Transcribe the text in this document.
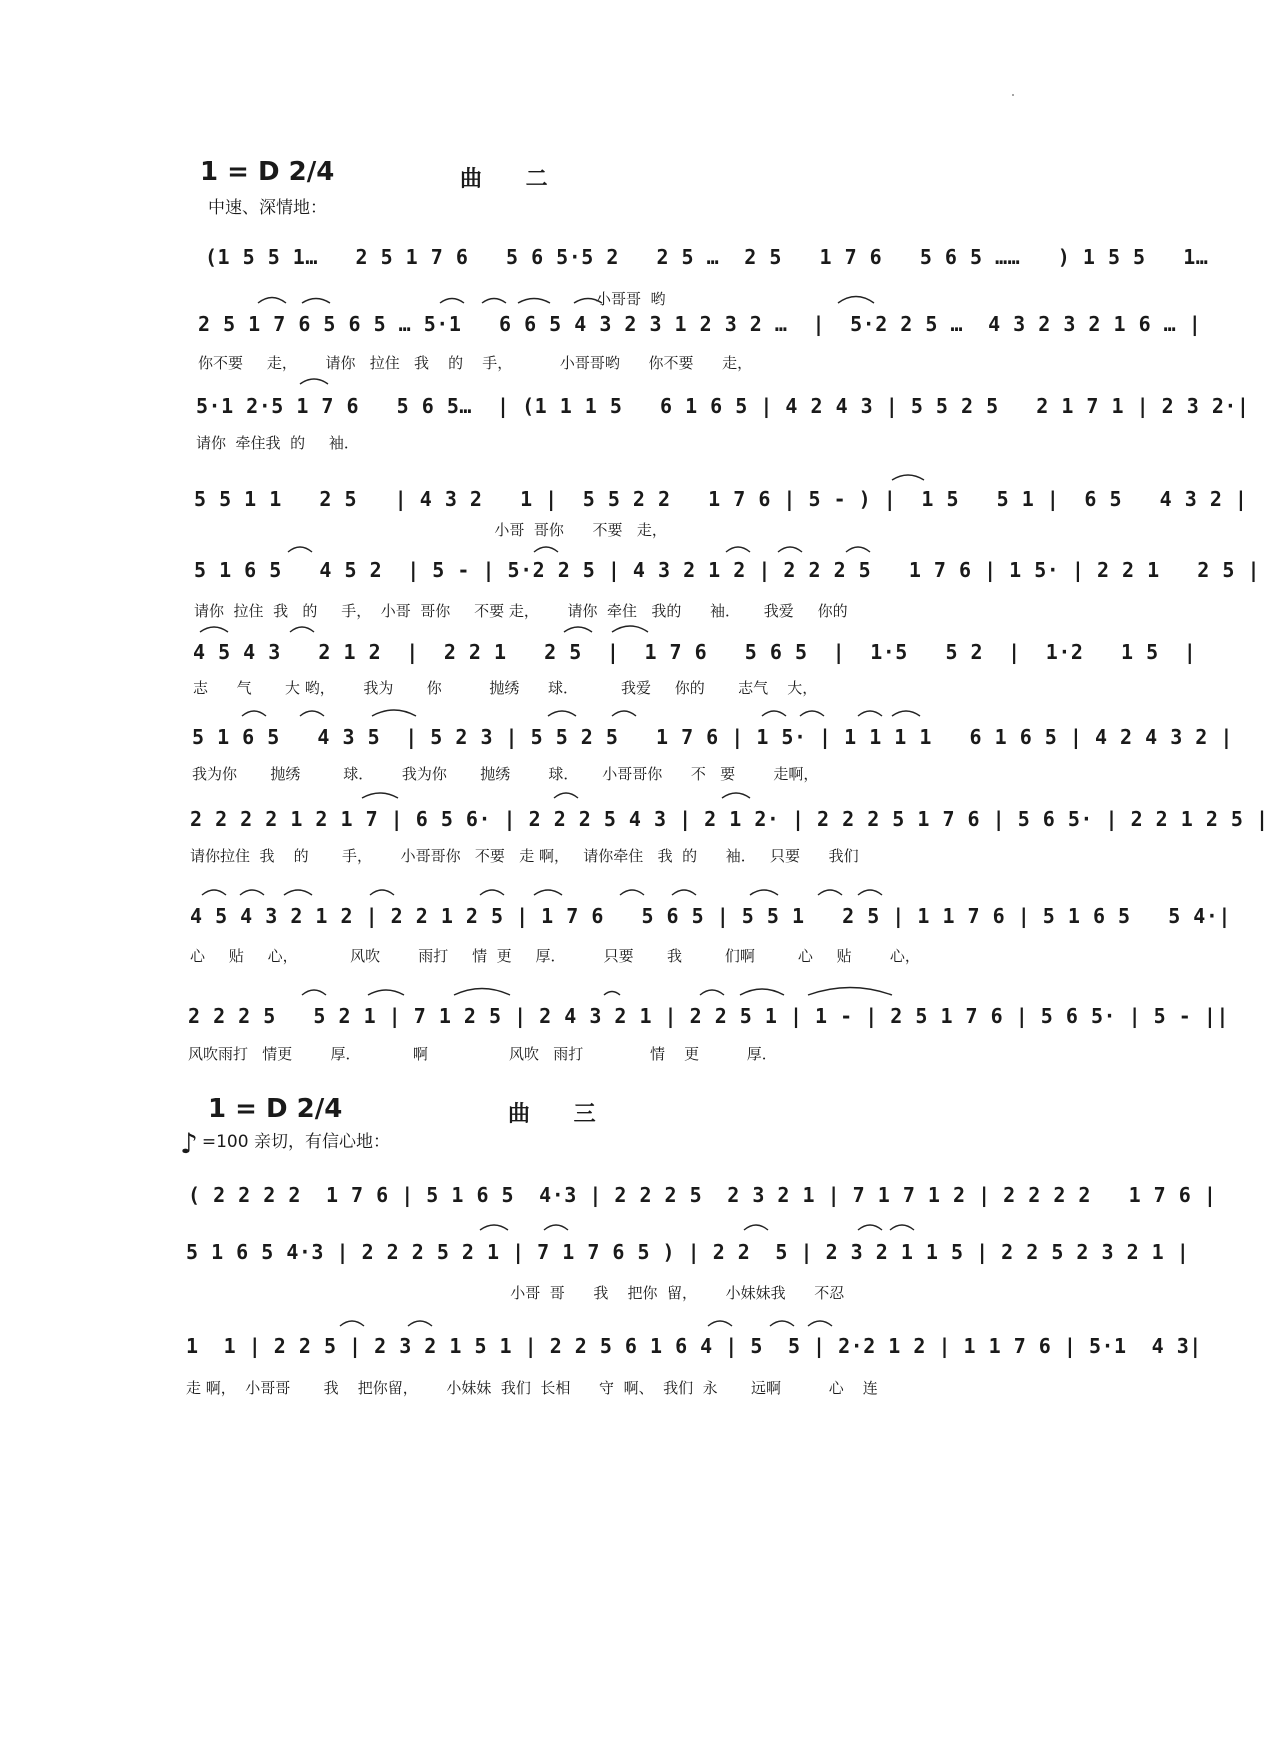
1 = D 2/4	曲 二
中速、深情地：
(1 5 5 1…   2 5 1 7 6   5 6 5·5 2   2 5 …  2 5   1 7 6   5 6 5 ……   ) 1 5 5   1…
小哥哥  哟
2 5 1 7 6 5 6 5 … 5·1   6 6 5 4 3 2 3 1 2 3 2 …  |  5·2 2 5 …  4 3 2 3 2 1 6 … |
你不要     走，      请你   拉住   我    的    手，          小哥哥哟      你不要      走，
5·1 2·5 1 7 6   5 6 5…  | (1 1 1 5   6 1 6 5 | 4 2 4 3 | 5 5 2 5   2 1 7 1 | 2 3 2·|
请你  牵住我  的     袖．
5 5 1 1   2 5   | 4 3 2   1 |  5 5 2 2   1 7 6 | 5 - ) |  1 5   5 1 |  6 5   4 3 2 |
小哥  哥你      不要   走，
5 1 6 5   4 5 2  | 5 - | 5·2 2 5 | 4 3 2 1 2 | 2 2 2 5   1 7 6 | 1 5· | 2 2 1   2 5 |
请你  拉住  我   的     手，  小哥  哥你     不要 走，      请你  牵住   我的      袖．     我爱     你的
4 5 4 3   2 1 2  |  2 2 1   2 5  |  1 7 6   5 6 5  |  1·5   5 2  |  1·2   1 5  |
志      气       大 哟，      我为       你          抛绣      球．         我爱     你的       志气    大，
5 1 6 5   4 3 5  | 5 2 3 | 5 5 2 5   1 7 6 | 1 5· | 1 1 1 1   6 1 6 5 | 4 2 4 3 2 |
我为你       抛绣         球．      我为你       抛绣        球．     小哥哥你      不   要        走啊，
2 2 2 2 1 2 1 7 | 6 5 6· | 2 2 2 5 4 3 | 2 1 2· | 2 2 2 5 1 7 6 | 5 6 5· | 2 2 1 2 5 |
请你拉住  我    的       手，      小哥哥你   不要   走 啊，   请你牵住   我  的      袖．   只要      我们
4 5 4 3 2 1 2 | 2 2 1 2 5 | 1 7 6   5 6 5 | 5 5 1   2 5 | 1 1 7 6 | 5 1 6 5   5 4·|
心     贴     心，           风吹        雨打     情  更     厚．        只要       我         们啊         心     贴        心，
2 2 2 5   5 2 1 | 7 1 2 5 | 2 4 3 2 1 | 2 2 5 1 | 1 - | 2 5 1 7 6 | 5 6 5· | 5 - ||
风吹雨打   情更        厚．           啊                 风吹   雨打              情    更          厚．
1 = D 2/4	曲 三
♪ =100 亲切，有信心地：
( 2 2 2 2  1 7 6 | 5 1 6 5  4·3 | 2 2 2 5  2 3 2 1 | 7 1 7 1 2 | 2 2 2 2   1 7 6 |
5 1 6 5 4·3 | 2 2 2 5 2 1 | 7 1 7 6 5 ) | 2 2  5 | 2 3 2 1 1 5 | 2 2 5 2 3 2 1 |
小哥  哥      我    把你  留，      小妹妹我      不忍
1  1 | 2 2 5 | 2 3 2 1 5 1 | 2 2 5 6 1 6 4 | 5  5 | 2·2 1 2 | 1 1 7 6 | 5·1  4 3|
走 啊，  小哥哥       我    把你留，      小妹妹  我们  长相      守  啊、  我们  永       远啊          心    连
